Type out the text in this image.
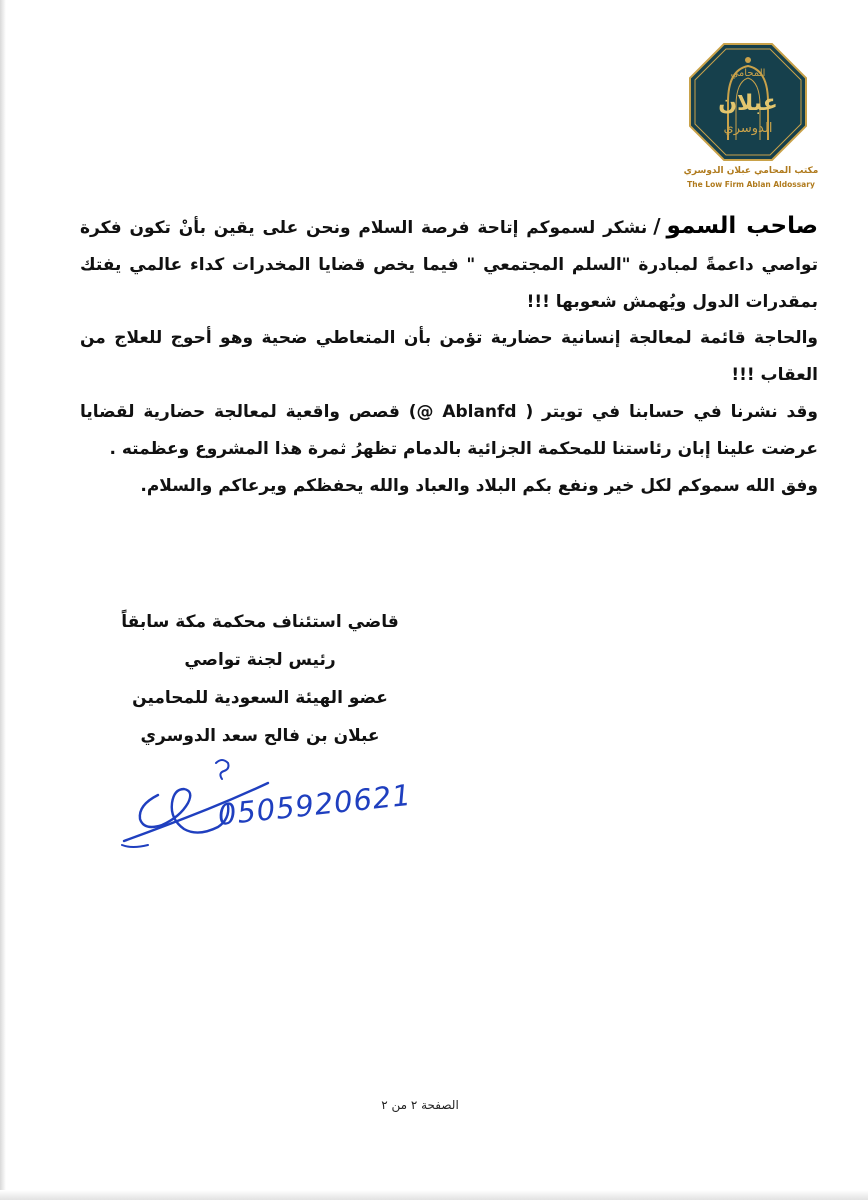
المحامي
عبلان
الدوسري
مكتب المحامي عبلان الدوسري
The Low Firm Ablan Aldossary

صاحب السمو/نشكر لسموكم إتاحة فرصة السلام ونحن على يقين بأنْ تكون فكرة تواصي داعمةً لمبادرة "السلم المجتمعي " فيما يخص قضايا المخدرات كداء عالمي يفتك بمقدرات الدول ويُهمش شعوبها !!!

والحاجة قائمة لمعالجة إنسانية حضارية تؤمن بأن المتعاطي ضحية وهو أحوج للعلاج من العقاب !!!

وقد نشرنا في حسابنا في تويتر ( Ablanfd @) قصص واقعية لمعالجة حضارية لقضايا عرضت علينا إبان رئاستنا للمحكمة الجزائية بالدمام تظهرُ ثمرة هذا المشروع وعظمته .

وفق الله سموكم لكل خير ونفع بكم البلاد والعباد والله يحفظكم ويرعاكم والسلام.

قاضي استئناف محكمة مكة سابقاً
رئيس لجنة تواصي
عضو الهيئة السعودية للمحامين
عبلان بن فالح سعد الدوسري
0505920621
الصفحة ٢ من ٢
